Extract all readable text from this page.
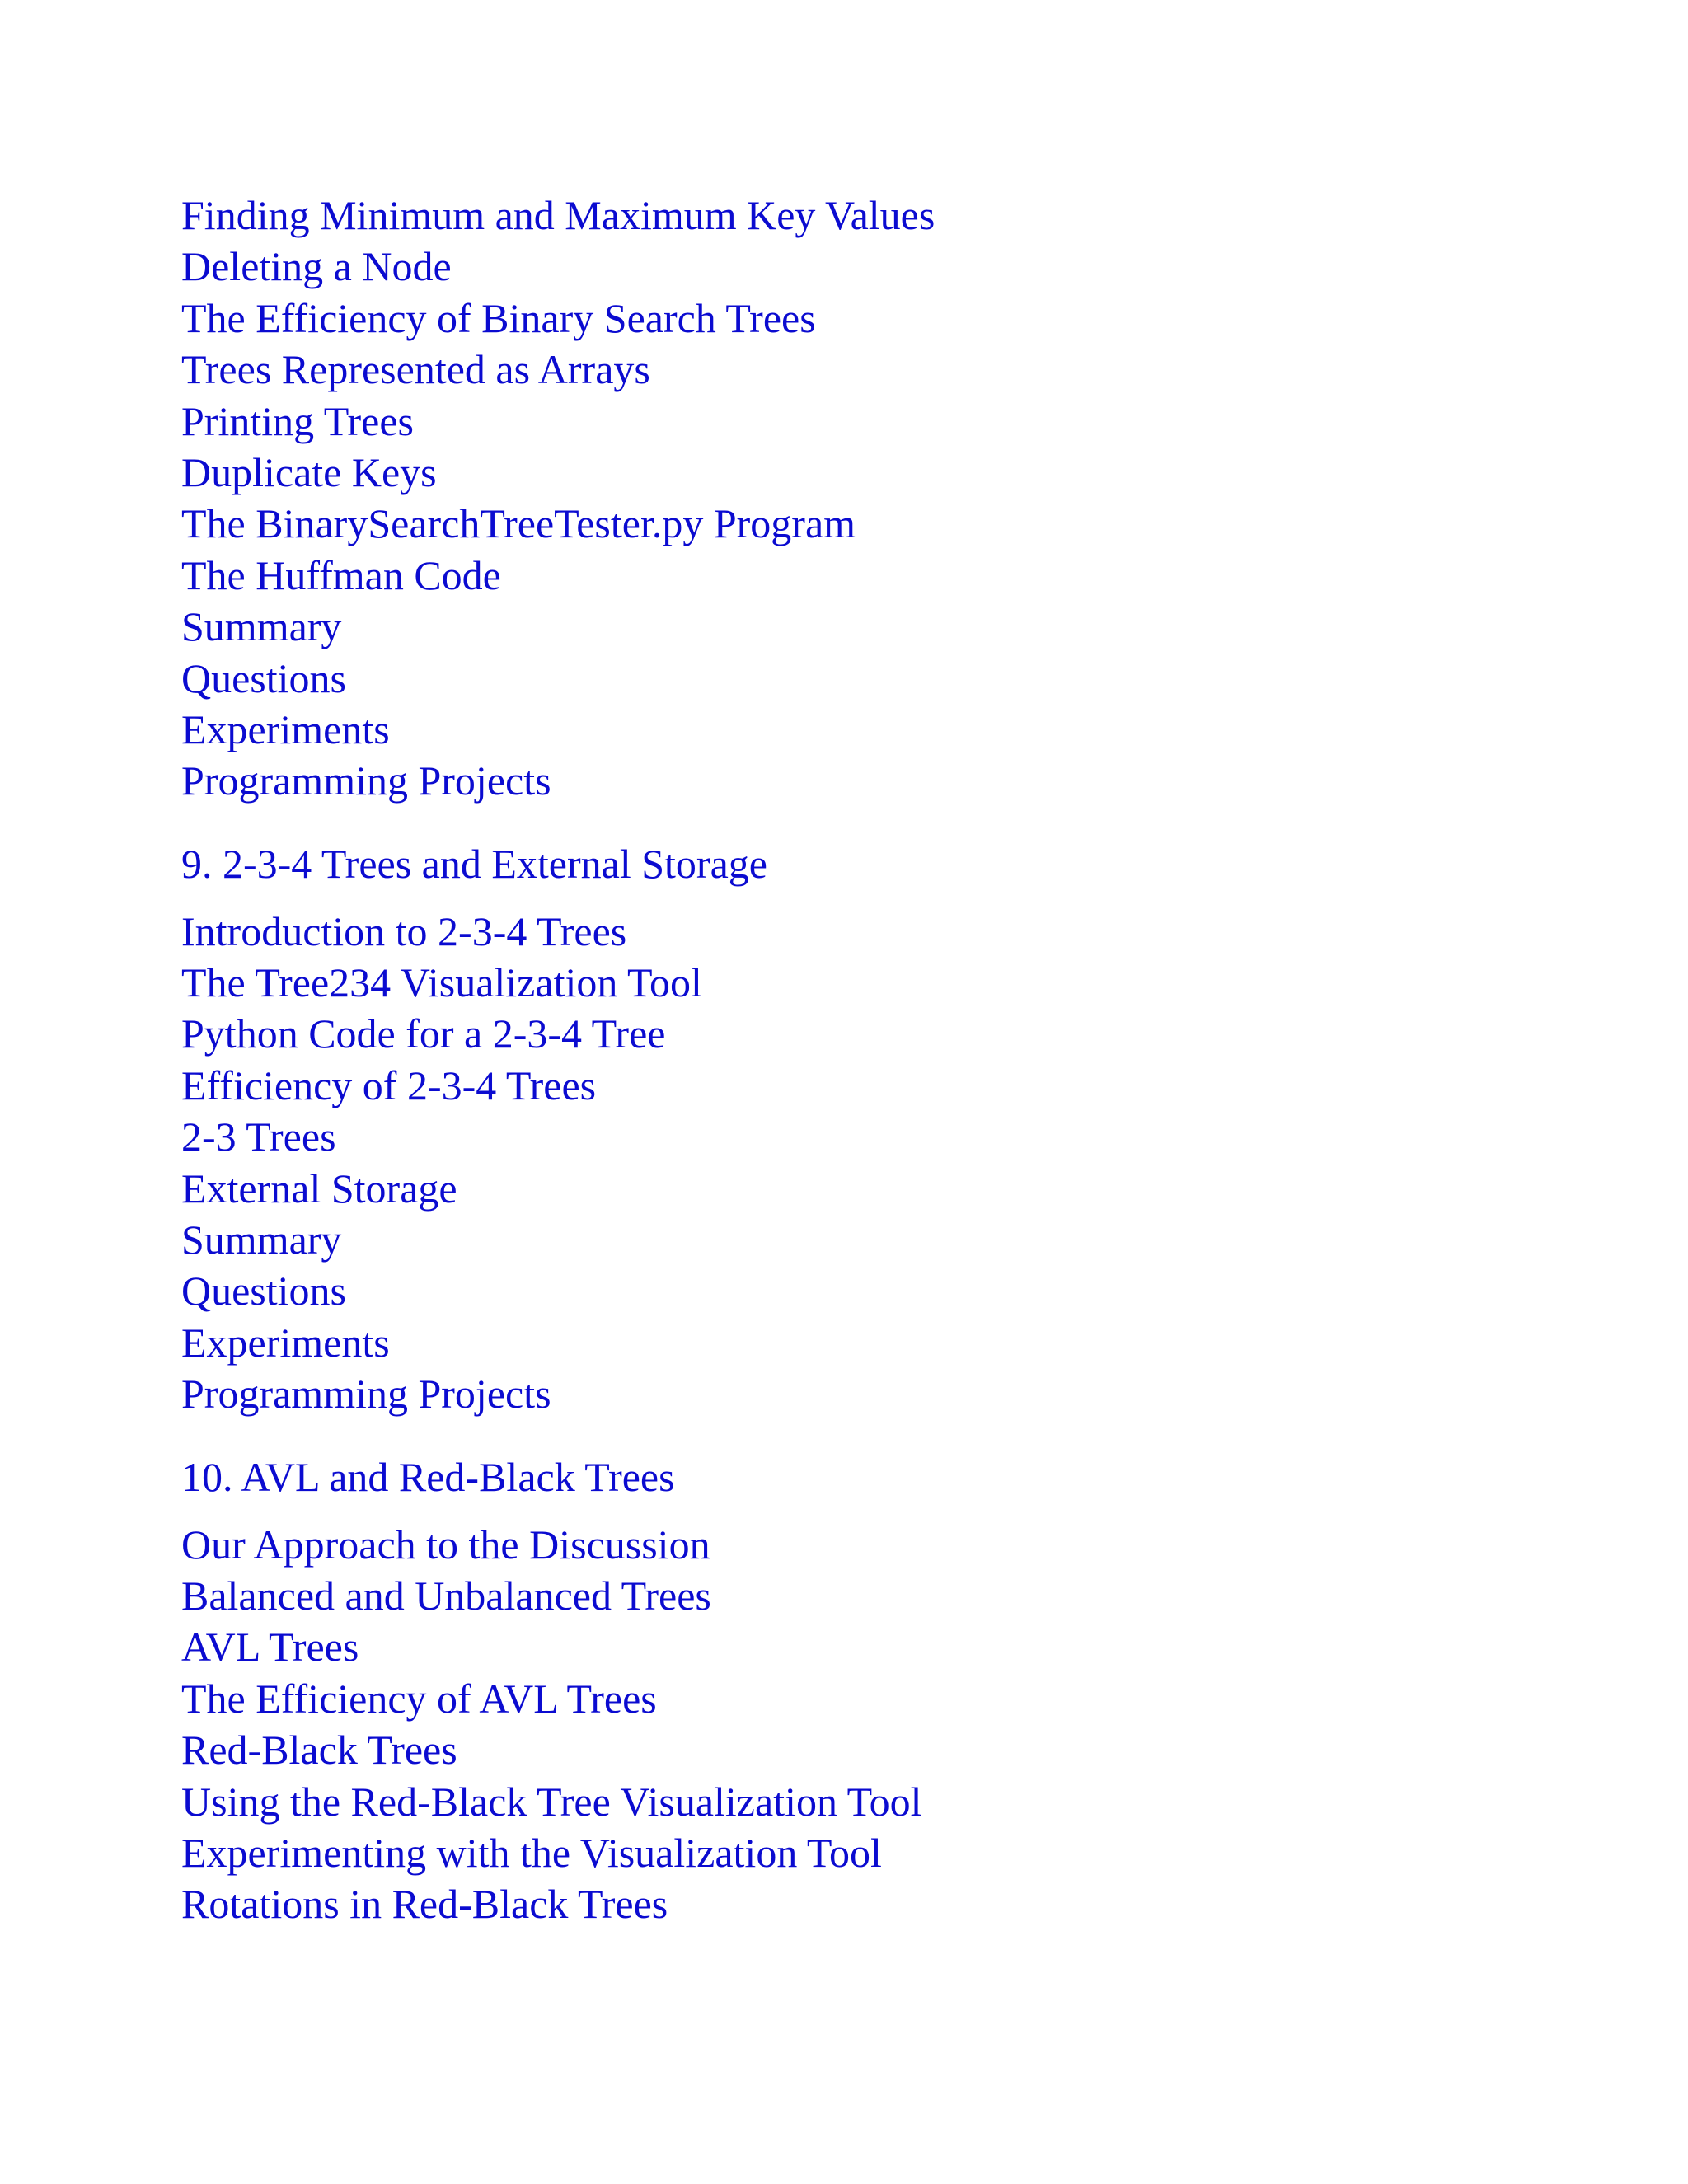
Finding Minimum and Maximum Key Values
Deleting a Node
The Efficiency of Binary Search Trees
Trees Represented as Arrays
Printing Trees
Duplicate Keys
The BinarySearchTreeTester.py Program
The Huffman Code
Summary
Questions
Experiments
Programming Projects
9. 2-3-4 Trees and External Storage
Introduction to 2-3-4 Trees
The Tree234 Visualization Tool
Python Code for a 2-3-4 Tree
Efficiency of 2-3-4 Trees
2-3 Trees
External Storage
Summary
Questions
Experiments
Programming Projects
10. AVL and Red-Black Trees
Our Approach to the Discussion
Balanced and Unbalanced Trees
AVL Trees
The Efficiency of AVL Trees
Red-Black Trees
Using the Red-Black Tree Visualization Tool
Experimenting with the Visualization Tool
Rotations in Red-Black Trees
